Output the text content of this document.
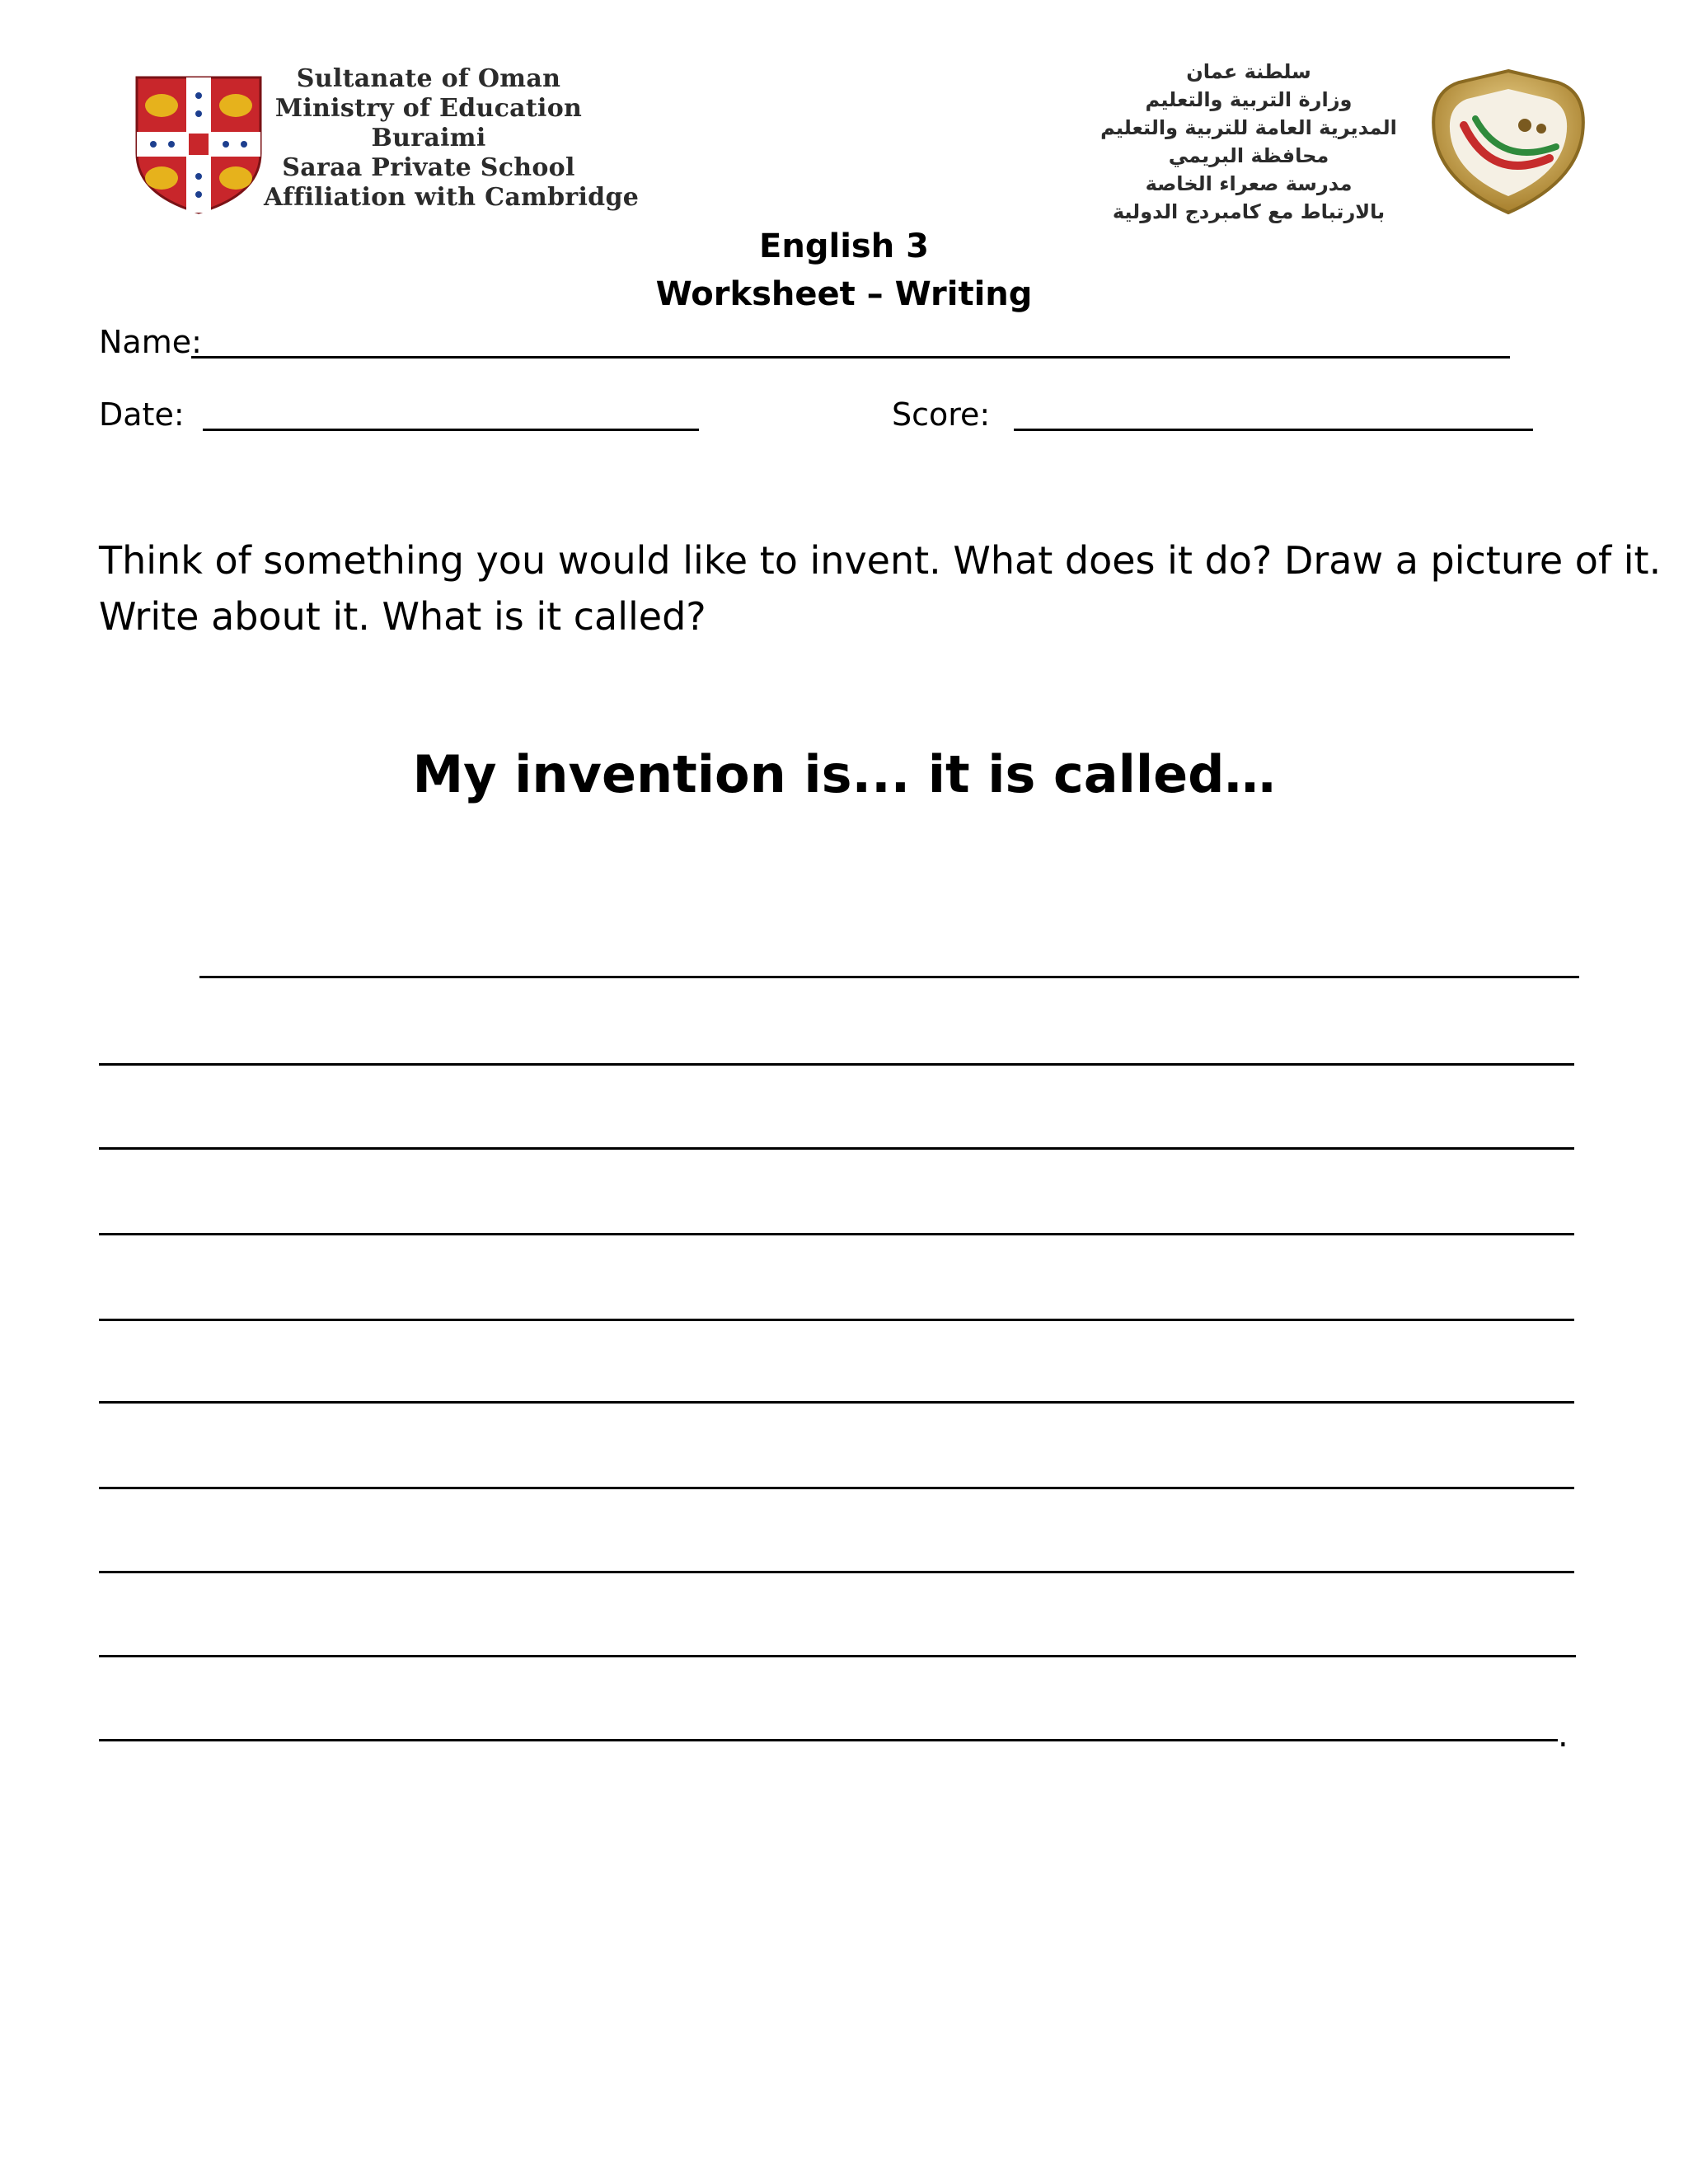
Sultanate of Oman
Ministry of Education
Buraimi
Saraa Private School
Affiliation with Cambridge
سلطنة عمان
وزارة التربية والتعليم
المديرية العامة للتربية والتعليم
محافظة البريمي
مدرسة صعراء الخاصة
بالارتباط مع كامبردج الدولية
English 3
Worksheet – Writing
Name:
Date:	Score:
Think of something you would like to invent. What does it do? Draw a picture of it.
Write about it. What is it called?
My invention is... it is called…
.
